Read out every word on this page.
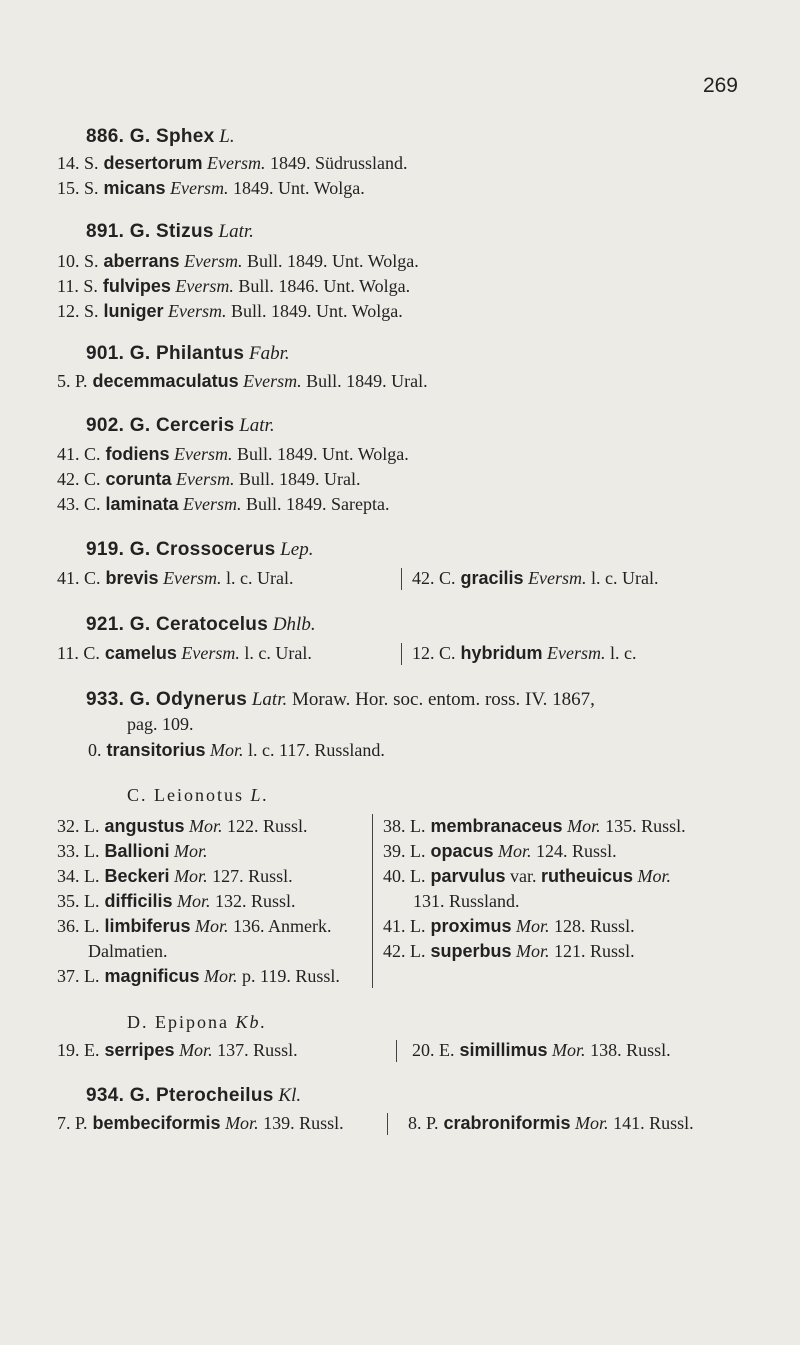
269
886. G. Sphex L.
14. S. desertorum Eversm. 1849. Südrussland.
15. S. micans Eversm. 1849. Unt. Wolga.
891. G. Stizus Latr.
10. S. aberrans Eversm. Bull. 1849. Unt. Wolga.
11. S. fulvipes Eversm. Bull. 1846. Unt. Wolga.
12. S. luniger Eversm. Bull. 1849. Unt. Wolga.
901. G. Philantus Fabr.
5. P. decemmaculatus Eversm. Bull. 1849. Ural.
902. G. Cerceris Latr.
41. C. fodiens Eversm. Bull. 1849. Unt. Wolga.
42. C. corunta Eversm. Bull. 1849. Ural.
43. C. laminata Eversm. Bull. 1849. Sarepta.
919. G. Crossocerus Lep.
41. C. brevis Eversm. l. c. Ural.	42. C. gracilis Eversm. l. c. Ural.
921. G. Ceratocelus Dhlb.
11. C. camelus Eversm. l. c. Ural.	12. C. hybridum Eversm. l. c.
933. G. Odynerus Latr. Moraw. Hor. soc. entom. ross. IV. 1867,
pag. 109.
0. transitorius Mor. l. c. 117. Russland.
C. Leionotus L.
32. L. angustus Mor. 122. Russl.
33. L. Ballioni Mor.
34. L. Beckeri Mor. 127. Russl.
35. L. difficilis Mor. 132. Russl.
36. L. limbiferus Mor. 136. Anmerk.
Dalmatien.
37. L. magnificus Mor. p. 119. Russl.
38. L. membranaceus Mor. 135. Russl.
39. L. opacus Mor. 124. Russl.
40. L. parvulus var. rutheuicus Mor.
131. Russland.
41. L. proximus Mor. 128. Russl.
42. L. superbus Mor. 121. Russl.
D. Epipona Kb.
19. E. serripes Mor. 137. Russl.	20. E. simillimus Mor. 138. Russl.
934. G. Pterocheilus Kl.
7. P. bembeciformis Mor. 139. Russl.	8. P. crabroniformis Mor. 141. Russl.
